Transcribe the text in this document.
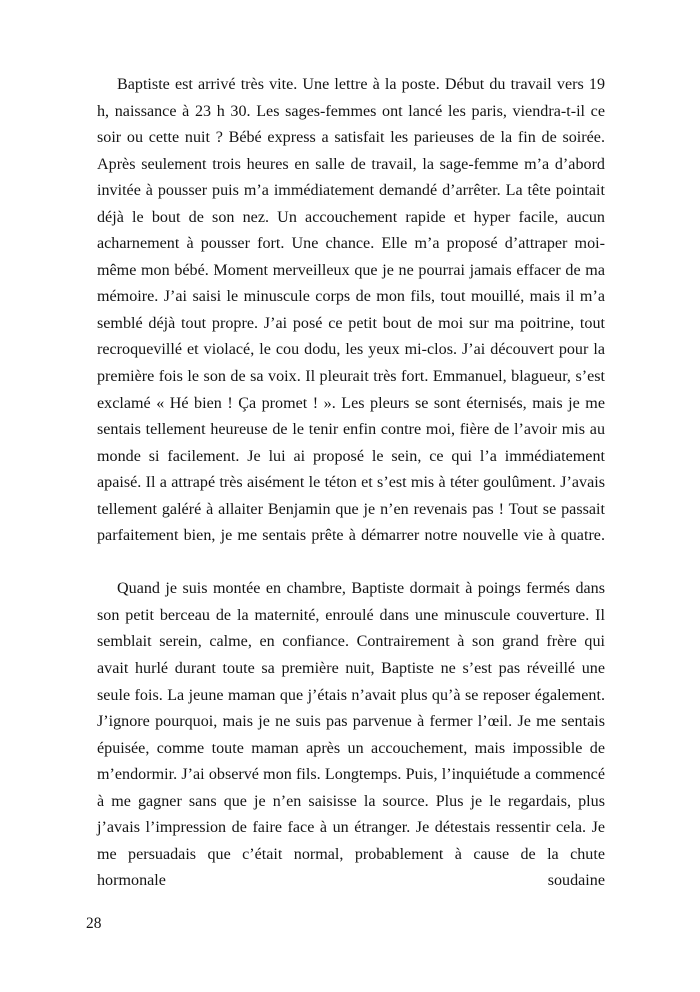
Baptiste est arrivé très vite. Une lettre à la poste. Début du travail vers 19 h, naissance à 23 h 30. Les sages-femmes ont lancé les paris, viendra-t-il ce soir ou cette nuit ? Bébé express a satisfait les parieuses de la fin de soirée. Après seulement trois heures en salle de travail, la sage-femme m’a d’abord invitée à pousser puis m’a immédiatement demandé d’arrêter. La tête pointait déjà le bout de son nez. Un accouchement rapide et hyper facile, aucun acharnement à pousser fort. Une chance. Elle m’a proposé d’attraper moi-même mon bébé. Moment merveilleux que je ne pourrai jamais effacer de ma mémoire. J’ai saisi le minuscule corps de mon fils, tout mouillé, mais il m’a semblé déjà tout propre. J’ai posé ce petit bout de moi sur ma poitrine, tout recroquevillé et violacé, le cou dodu, les yeux mi-clos. J’ai découvert pour la première fois le son de sa voix. Il pleurait très fort. Emmanuel, blagueur, s’est exclamé « Hé bien ! Ça promet ! ». Les pleurs se sont éternisés, mais je me sentais tellement heureuse de le tenir enfin contre moi, fière de l’avoir mis au monde si facilement. Je lui ai proposé le sein, ce qui l’a immédiatement apaisé. Il a attrapé très aisément le téton et s’est mis à téter goulûment. J’avais tellement galéré à allaiter Benjamin que je n’en revenais pas ! Tout se passait parfaitement bien, je me sentais prête à démarrer notre nouvelle vie à quatre.

Quand je suis montée en chambre, Baptiste dormait à poings fermés dans son petit berceau de la maternité, enroulé dans une minuscule couverture. Il semblait serein, calme, en confiance. Contrairement à son grand frère qui avait hurlé durant toute sa première nuit, Baptiste ne s’est pas réveillé une seule fois. La jeune maman que j’étais n’avait plus qu’à se reposer également. J’ignore pourquoi, mais je ne suis pas parvenue à fermer l’œil. Je me sentais épuisée, comme toute maman après un accouchement, mais impossible de m’endormir. J’ai observé mon fils. Longtemps. Puis, l’inquiétude a commencé à me gagner sans que je n’en saisisse la source. Plus je le regardais, plus j’avais l’impression de faire face à un étranger. Je détestais ressentir cela. Je me persuadais que c’était normal, probablement à cause de la chute hormonale soudaine

28
